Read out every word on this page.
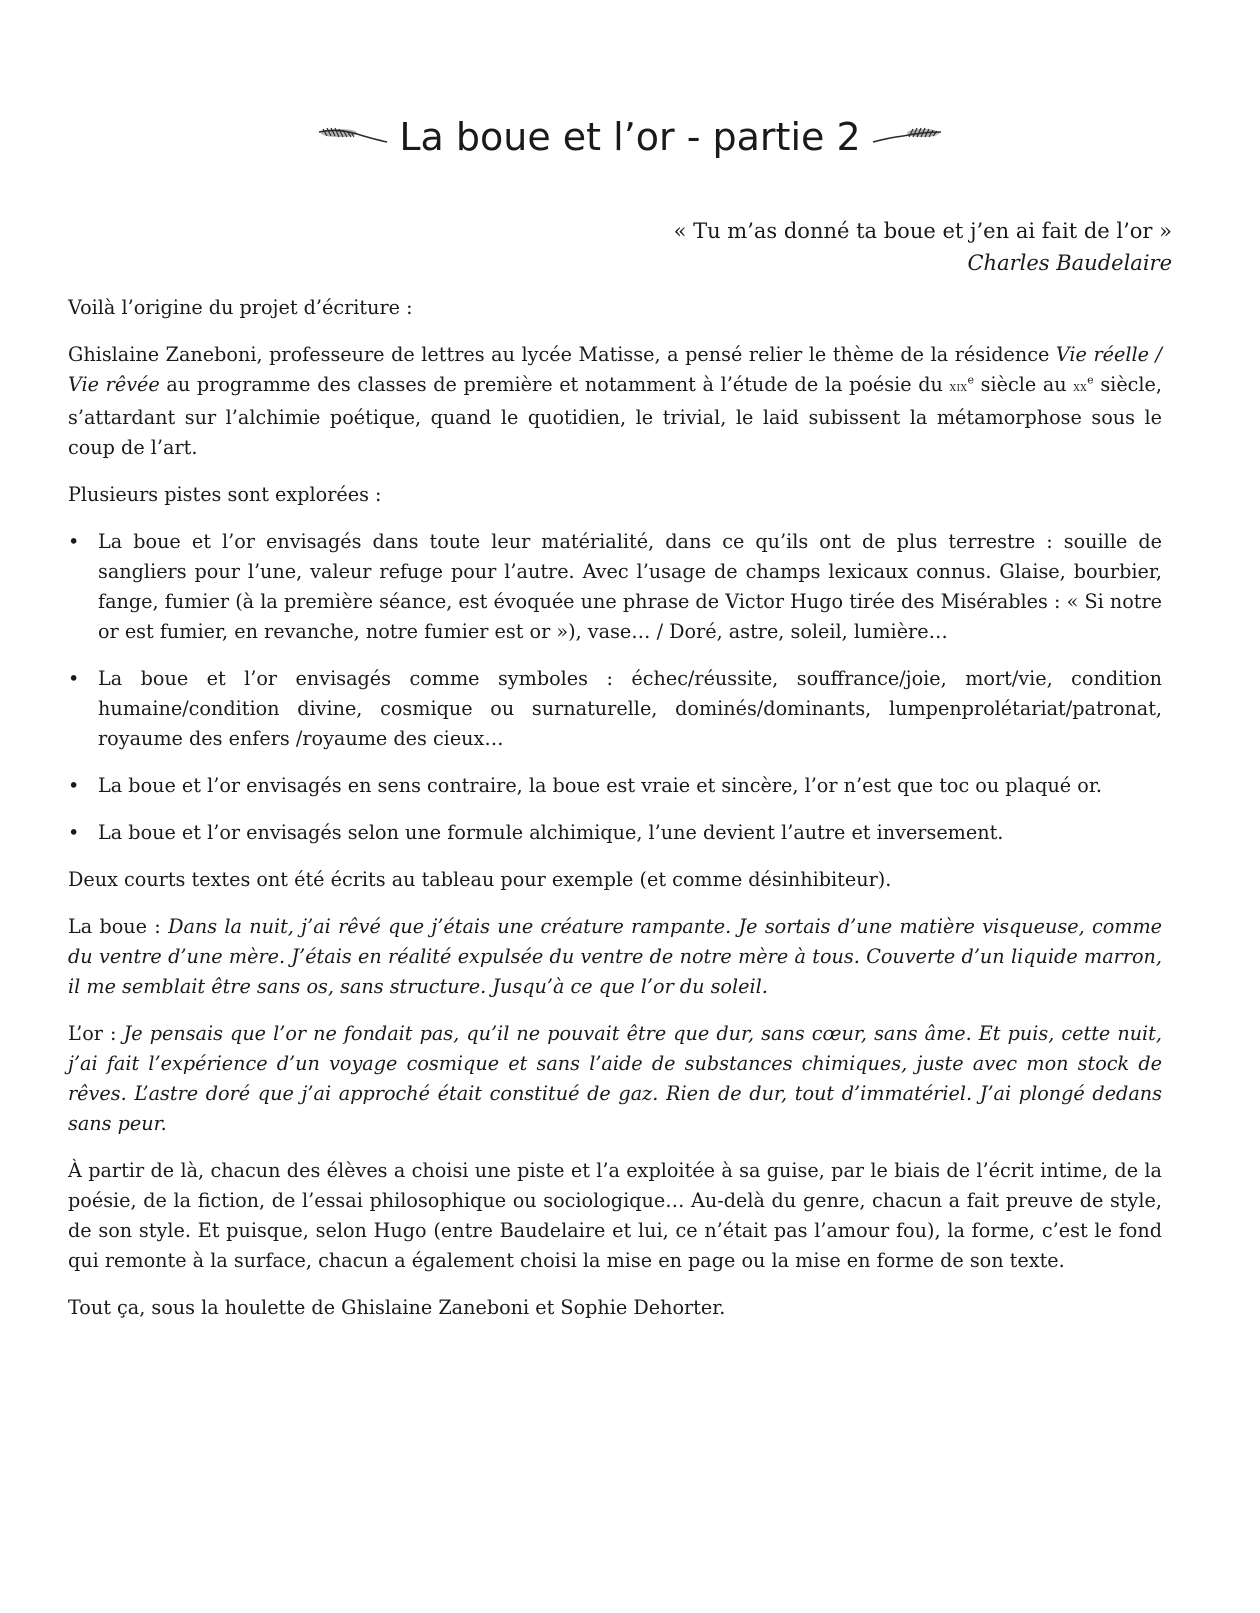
La boue et l’or - partie 2
« Tu m’as donné ta boue et j’en ai fait de l’or »
Charles Baudelaire

Voilà l’origine du projet d’écriture :

Ghislaine Zaneboni, professeure de lettres au lycée Matisse, a pensé relier le thème de la résidence Vie réelle / Vie rêvée au programme des classes de première et notamment à l’étude de la poésie du xix$^e$ siècle au $xx^e$ siècle, s’attardant sur l’alchimie poétique, quand le quotidien, le trivial, le laid subissent la métamorphose sous le coup de l’art.

Plusieurs pistes sont explorées :

• La boue et l’or envisagés dans toute leur matérialité, dans ce qu’ils ont de plus terrestre : souille de sangliers pour l’une, valeur refuge pour l’autre. Avec l’usage de champs lexicaux connus. Glaise, bourbier, fange, fumier (à la première séance, est évoquée une phrase de Victor Hugo tirée des Misérables : « Si notre or est fumier, en revanche, notre fumier est or »), vase… / Doré, astre, soleil, lumière…
• La boue et l’or envisagés comme symboles : échec/réussite, souffrance/joie, mort/vie, condition humaine/condition divine, cosmique ou surnaturelle, dominés/dominants, lumpenprolétariat/patronat, royaume des enfers /royaume des cieux…
• La boue et l’or envisagés en sens contraire, la boue est vraie et sincère, l’or n’est que toc ou plaqué or.
• La boue et l’or envisagés selon une formule alchimique, l’une devient l’autre et inversement.

Deux courts textes ont été écrits au tableau pour exemple (et comme désinhibiteur).

La boue : Dans la nuit, j’ai rêvé que j’étais une créature rampante. Je sortais d’une matière visqueuse, comme du ventre d’une mère. J’étais en réalité expulsée du ventre de notre mère à tous. Couverte d’un liquide marron, il me semblait être sans os, sans structure. Jusqu’à ce que l’or du soleil.

L’or : Je pensais que l’or ne fondait pas, qu’il ne pouvait être que dur, sans cœur, sans âme. Et puis, cette nuit, j’ai fait l’expérience d’un voyage cosmique et sans l’aide de substances chimiques, juste avec mon stock de rêves. L’astre doré que j’ai approché était constitué de gaz. Rien de dur, tout d’immatériel. J’ai plongé dedans sans peur.

À partir de là, chacun des élèves a choisi une piste et l’a exploitée à sa guise, par le biais de l’écrit intime, de la poésie, de la fiction, de l’essai philosophique ou sociologique… Au-delà du genre, chacun a fait preuve de style, de son style. Et puisque, selon Hugo (entre Baudelaire et lui, ce n’était pas l’amour fou), la forme, c’est le fond qui remonte à la surface, chacun a également choisi la mise en page ou la mise en forme de son texte.

Tout ça, sous la houlette de Ghislaine Zaneboni et Sophie Dehorter.
